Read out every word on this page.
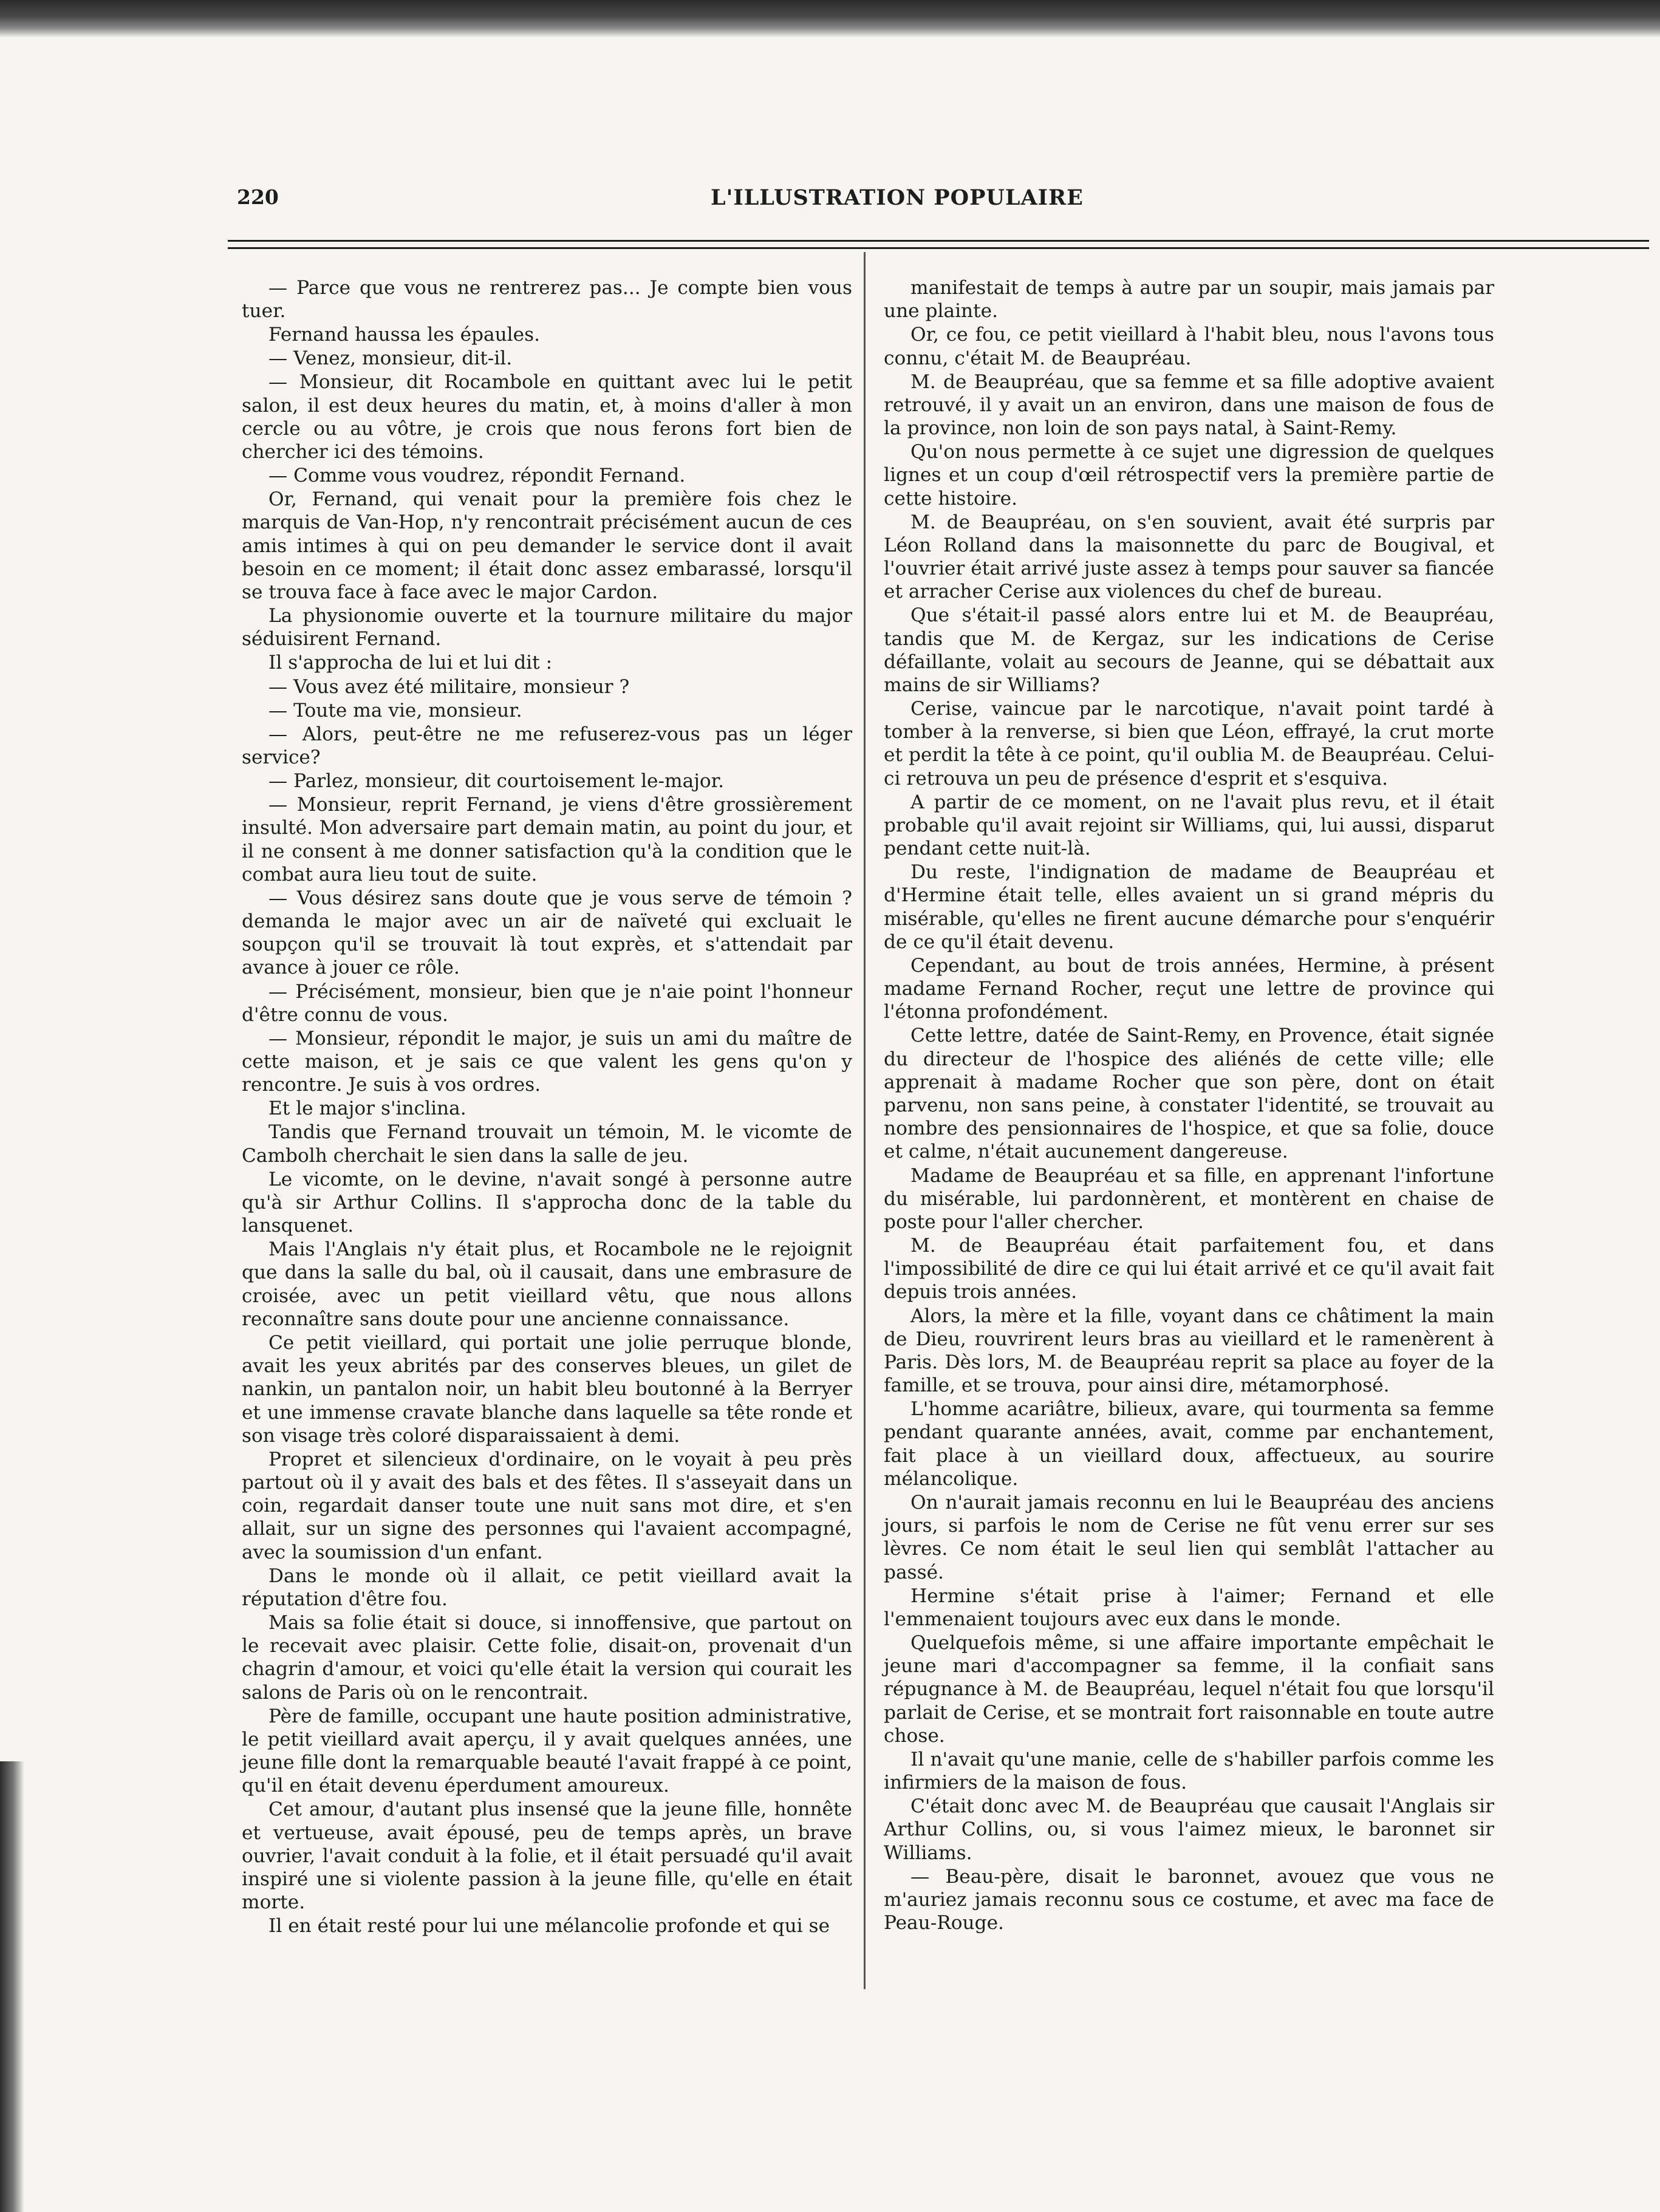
220	L'ILLUSTRATION POPULAIRE

— Parce que vous ne rentrerez pas... Je compte bien vous tuer.

Fernand haussa les épaules.

— Venez, monsieur, dit-il.

— Monsieur, dit Rocambole en quittant avec lui le petit salon, il est deux heures du matin, et, à moins d'aller à mon cercle ou au vôtre, je crois que nous ferons fort bien de chercher ici des témoins.

— Comme vous voudrez, répondit Fernand.

Or, Fernand, qui venait pour la première fois chez le marquis de Van-Hop, n'y rencontrait précisément aucun de ces amis intimes à qui on peu demander le service dont il avait besoin en ce moment; il était donc assez embarassé, lorsqu'il se trouva face à face avec le major Cardon.

La physionomie ouverte et la tournure militaire du major séduisirent Fernand.

Il s'approcha de lui et lui dit :

— Vous avez été militaire, monsieur ?

— Toute ma vie, monsieur.

— Alors, peut-être ne me refuserez-vous pas un léger service?

— Parlez, monsieur, dit courtoisement le-major.

— Monsieur, reprit Fernand, je viens d'être grossièrement insulté. Mon adversaire part demain matin, au point du jour, et il ne consent à me donner satisfaction qu'à la condition que le combat aura lieu tout de suite.

— Vous désirez sans doute que je vous serve de témoin ? demanda le major avec un air de naïveté qui excluait le soupçon qu'il se trouvait là tout exprès, et s'attendait par avance à jouer ce rôle.

— Précisément, monsieur, bien que je n'aie point l'honneur d'être connu de vous.

— Monsieur, répondit le major, je suis un ami du maître de cette maison, et je sais ce que valent les gens qu'on y rencontre. Je suis à vos ordres.

Et le major s'inclina.

Tandis que Fernand trouvait un témoin, M. le vicomte de Cambolh cherchait le sien dans la salle de jeu.

Le vicomte, on le devine, n'avait songé à personne autre qu'à sir Arthur Collins. Il s'approcha donc de la table du lansquenet.

Mais l'Anglais n'y était plus, et Rocambole ne le rejoignit que dans la salle du bal, où il causait, dans une embrasure de croisée, avec un petit vieillard vêtu, que nous allons reconnaître sans doute pour une ancienne connaissance.

Ce petit vieillard, qui portait une jolie perruque blonde, avait les yeux abrités par des conserves bleues, un gilet de nankin, un pantalon noir, un habit bleu boutonné à la Berryer et une immense cravate blanche dans laquelle sa tête ronde et son visage très coloré disparaissaient à demi.

Propret et silencieux d'ordinaire, on le voyait à peu près partout où il y avait des bals et des fêtes. Il s'asseyait dans un coin, regardait danser toute une nuit sans mot dire, et s'en allait, sur un signe des personnes qui l'avaient accompagné, avec la soumission d'un enfant.

Dans le monde où il allait, ce petit vieillard avait la réputation d'être fou.

Mais sa folie était si douce, si innoffensive, que partout on le recevait avec plaisir. Cette folie, disait-on, provenait d'un chagrin d'amour, et voici qu'elle était la version qui courait les salons de Paris où on le rencontrait.

Père de famille, occupant une haute position administrative, le petit vieillard avait aperçu, il y avait quelques années, une jeune fille dont la remarquable beauté l'avait frappé à ce point, qu'il en était devenu éperdument amoureux.

Cet amour, d'autant plus insensé que la jeune fille, honnête et vertueuse, avait épousé, peu de temps après, un brave ouvrier, l'avait conduit à la folie, et il était persuadé qu'il avait inspiré une si violente passion à la jeune fille, qu'elle en était morte.

Il en était resté pour lui une mélancolie profonde et qui se

manifestait de temps à autre par un soupir, mais jamais par une plainte.

Or, ce fou, ce petit vieillard à l'habit bleu, nous l'avons tous connu, c'était M. de Beaupréau.

M. de Beaupréau, que sa femme et sa fille adoptive avaient retrouvé, il y avait un an environ, dans une maison de fous de la province, non loin de son pays natal, à Saint-Remy.

Qu'on nous permette à ce sujet une digression de quelques lignes et un coup d'œil rétrospectif vers la première partie de cette histoire.

M. de Beaupréau, on s'en souvient, avait été surpris par Léon Rolland dans la maisonnette du parc de Bougival, et l'ouvrier était arrivé juste assez à temps pour sauver sa fiancée et arracher Cerise aux violences du chef de bureau.

Que s'était-il passé alors entre lui et M. de Beaupréau, tandis que M. de Kergaz, sur les indications de Cerise défaillante, volait au secours de Jeanne, qui se débattait aux mains de sir Williams?

Cerise, vaincue par le narcotique, n'avait point tardé à tomber à la renverse, si bien que Léon, effrayé, la crut morte et perdit la tête à ce point, qu'il oublia M. de Beaupréau. Celui-ci retrouva un peu de présence d'esprit et s'esquiva.

A partir de ce moment, on ne l'avait plus revu, et il était probable qu'il avait rejoint sir Williams, qui, lui aussi, disparut pendant cette nuit-là.

Du reste, l'indignation de madame de Beaupréau et d'Hermine était telle, elles avaient un si grand mépris du misérable, qu'elles ne firent aucune démarche pour s'enquérir de ce qu'il était devenu.

Cependant, au bout de trois années, Hermine, à présent madame Fernand Rocher, reçut une lettre de province qui l'étonna profondément.

Cette lettre, datée de Saint-Remy, en Provence, était signée du directeur de l'hospice des aliénés de cette ville; elle apprenait à madame Rocher que son père, dont on était parvenu, non sans peine, à constater l'identité, se trouvait au nombre des pensionnaires de l'hospice, et que sa folie, douce et calme, n'était aucunement dangereuse.

Madame de Beaupréau et sa fille, en apprenant l'infortune du misérable, lui pardonnèrent, et montèrent en chaise de poste pour l'aller chercher.

M. de Beaupréau était parfaitement fou, et dans l'impossibilité de dire ce qui lui était arrivé et ce qu'il avait fait depuis trois années.

Alors, la mère et la fille, voyant dans ce châtiment la main de Dieu, rouvrirent leurs bras au vieillard et le ramenèrent à Paris. Dès lors, M. de Beaupréau reprit sa place au foyer de la famille, et se trouva, pour ainsi dire, métamorphosé.

L'homme acariâtre, bilieux, avare, qui tourmenta sa femme pendant quarante années, avait, comme par enchantement, fait place à un vieillard doux, affectueux, au sourire mélancolique.

On n'aurait jamais reconnu en lui le Beaupréau des anciens jours, si parfois le nom de Cerise ne fût venu errer sur ses lèvres. Ce nom était le seul lien qui semblât l'attacher au passé.

Hermine s'était prise à l'aimer; Fernand et elle l'emmenaient toujours avec eux dans le monde.

Quelquefois même, si une affaire importante empêchait le jeune mari d'accompagner sa femme, il la confiait sans répugnance à M. de Beaupréau, lequel n'était fou que lorsqu'il parlait de Cerise, et se montrait fort raisonnable en toute autre chose.

Il n'avait qu'une manie, celle de s'habiller parfois comme les infirmiers de la maison de fous.

C'était donc avec M. de Beaupréau que causait l'Anglais sir Arthur Collins, ou, si vous l'aimez mieux, le baronnet sir Williams.

— Beau-père, disait le baronnet, avouez que vous ne m'auriez jamais reconnu sous ce costume, et avec ma face de Peau-Rouge.
